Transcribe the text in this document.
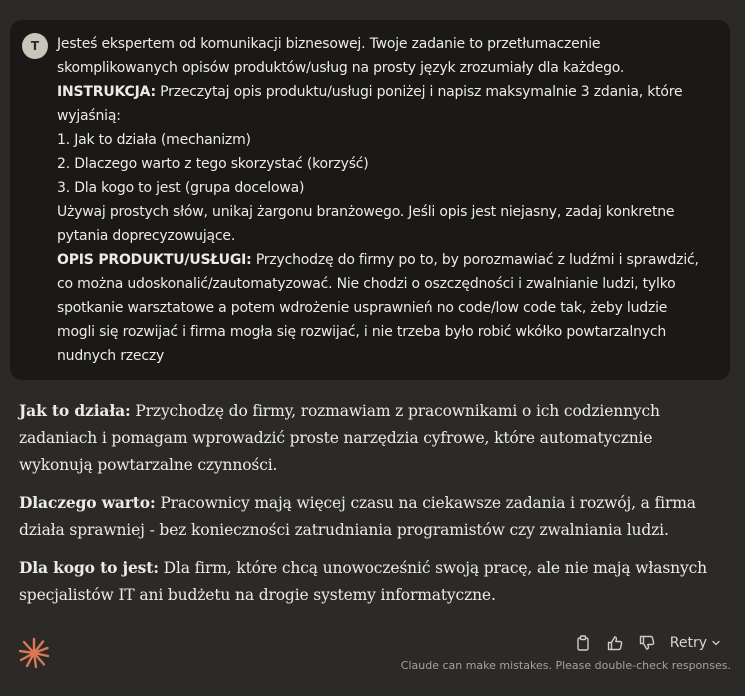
T	Jesteś ekspertem od komunikacji biznesowej. Twoje zadanie to przetłumaczenie
skomplikowanych opisów produktów/usług na prosty język zrozumiały dla każdego.
INSTRUKCJA: Przeczytaj opis produktu/usługi poniżej i napisz maksymalnie 3 zdania, które wyjaśnią:
1. Jak to działa (mechanizm)
2. Dlaczego warto z tego skorzystać (korzyść)
3. Dla kogo to jest (grupa docelowa)
Używaj prostych słów, unikaj żargonu branżowego. Jeśli opis jest niejasny, zadaj konkretne pytania doprecyzowujące.
OPIS PRODUKTU/USŁUGI: Przychodzę do firmy po to, by porozmawiać z ludźmi i sprawdzić, co można udoskonalić/zautomatyzować. Nie chodzi o oszczędności i zwalnianie ludzi, tylko spotkanie warsztatowe a potem wdrożenie usprawnień no code/low code tak, żeby ludzie mogli się rozwijać i firma mogła się rozwijać, i nie trzeba było robić wkółko powtarzalnych nudnych rzeczy

Jak to działa: Przychodzę do firmy, rozmawiam z pracownikami o ich codziennych zadaniach i pomagam wprowadzić proste narzędzia cyfrowe, które automatycznie wykonują powtarzalne czynności.

Dlaczego warto: Pracownicy mają więcej czasu na ciekawsze zadania i rozwój, a firma działa sprawniej - bez konieczności zatrudniania programistów czy zwalniania ludzi.

Dla kogo to jest: Dla firm, które chcą unowocześnić swoją pracę, ale nie mają własnych specjalistów IT ani budżetu na drogie systemy informatyczne.

Retry
Claude can make mistakes. Please double-check responses.
